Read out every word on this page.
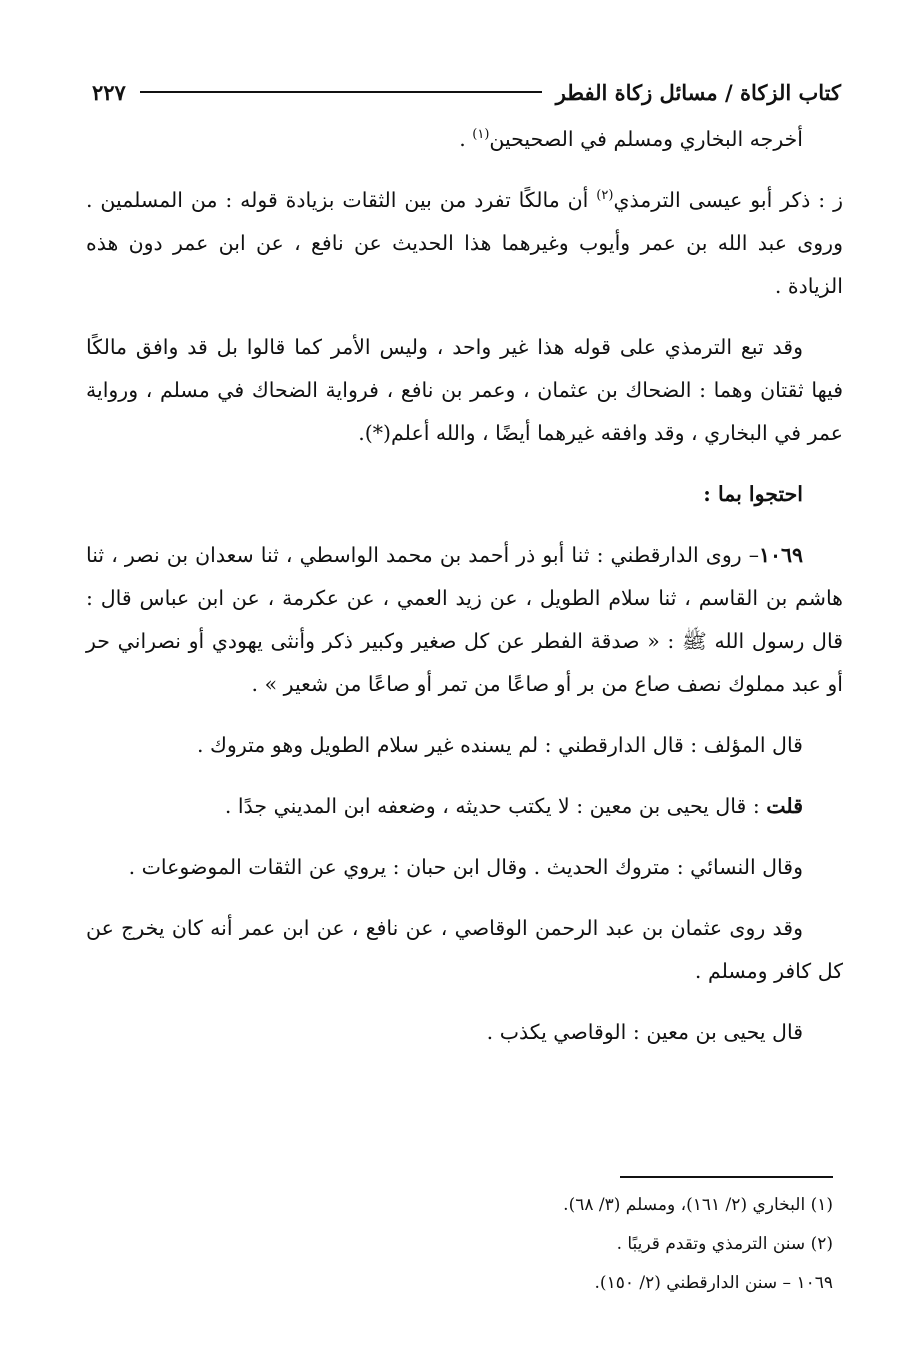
كتاب الزكاة / مسائل زكاة الفطر
٢٢٧

أخرجه البخاري ومسلم في الصحيحين$^{(١)}$ .

ز : ذكر أبو عيسى الترمذي$^{(٢)}$ أن مالكًا تفرد من بين الثقات بزيادة قوله : من المسلمين . وروى عبد الله بن عمر وأيوب وغيرهما هذا الحديث عن نافع ، عن ابن عمر دون هذه الزيادة .

وقد تبع الترمذي على قوله هذا غير واحد ، وليس الأمر كما قالوا بل قد وافق مالكًا فيها ثقتان وهما : الضحاك بن عثمان ، وعمر بن نافع ، فرواية الضحاك في مسلم ، ورواية عمر في البخاري ، وقد وافقه غيرهما أيضًا ، والله أعلم(*).

احتجوا بما :

١٠٦٩– روى الدارقطني : ثنا أبو ذر أحمد بن محمد الواسطي ، ثنا سعدان بن نصر ، ثنا هاشم بن القاسم ، ثنا سلام الطويل ، عن زيد العمي ، عن عكرمة ، عن ابن عباس قال : قال رسول الله ﷺ : « صدقة الفطر عن كل صغير وكبير ذكر وأنثى يهودي أو نصراني حر أو عبد مملوك نصف صاع من بر أو صاعًا من تمر أو صاعًا من شعير » .

قال المؤلف : قال الدارقطني : لم يسنده غير سلام الطويل وهو متروك .

قلت : قال يحيى بن معين : لا يكتب حديثه ، وضعفه ابن المديني جدًا .

وقال النسائي : متروك الحديث . وقال ابن حبان : يروي عن الثقات الموضوعات .

وقد روى عثمان بن عبد الرحمن الوقاصي ، عن نافع ، عن ابن عمر أنه كان يخرج عن كل كافر ومسلم .

قال يحيى بن معين : الوقاصي يكذب .

(١) البخاري (٢/ ١٦١)، ومسلم (٣/ ٦٨).

(٢) سنن الترمذي وتقدم قريبًا .

١٠٦٩ – سنن الدارقطني (٢/ ١٥٠).
